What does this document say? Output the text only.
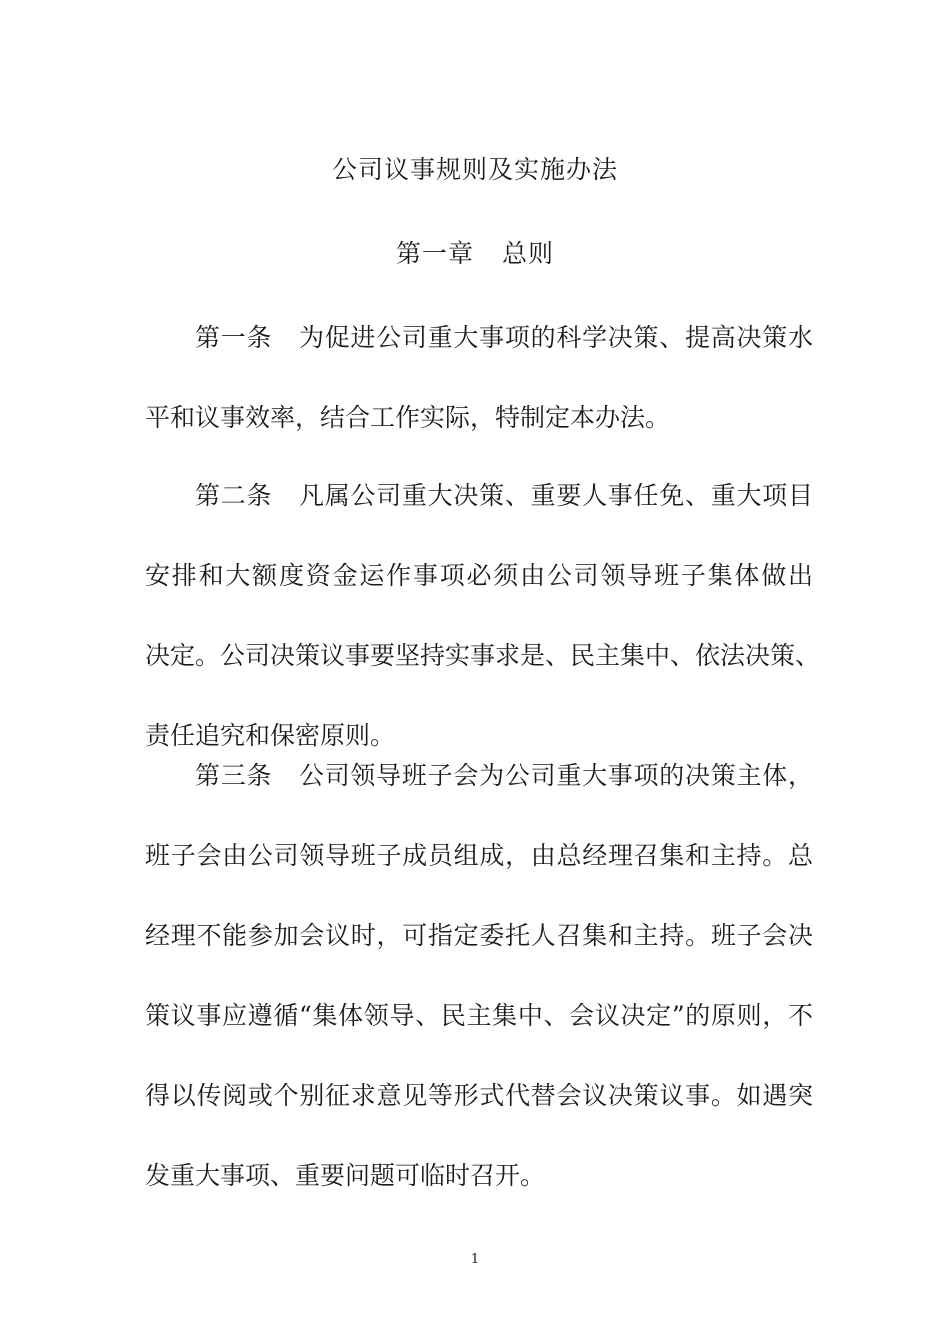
公司议事规则及实施办法
第一章 总则
第一条 为促进公司重大事项的科学决策、提高决策水
平和议事效率，结合工作实际，特制定本办法。
第二条 凡属公司重大决策、重要人事任免、重大项目
安排和大额度资金运作事项必须由公司领导班子集体做出
决定。公司决策议事要坚持实事求是、民主集中、依法决策、
责任追究和保密原则。
第三条 公司领导班子会为公司重大事项的决策主体，
班子会由公司领导班子成员组成，由总经理召集和主持。总
经理不能参加会议时，可指定委托人召集和主持。班子会决
策议事应遵循“集体领导、民主集中、会议决定”的原则，不
得以传阅或个别征求意见等形式代替会议决策议事。如遇突
发重大事项、重要问题可临时召开。
1
